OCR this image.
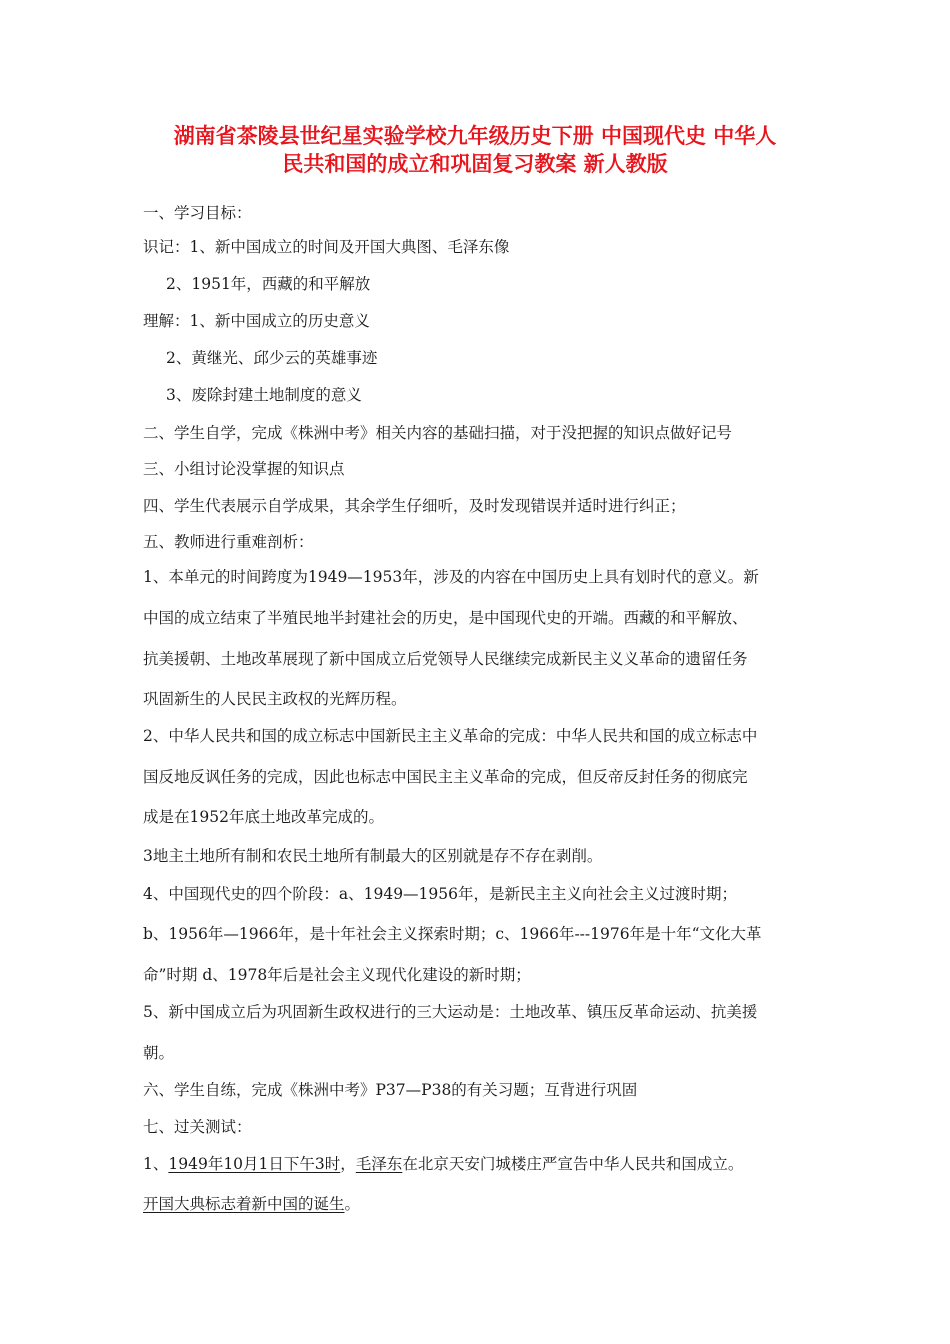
湖南省茶陵县世纪星实验学校九年级历史下册 中国现代史 中华人
民共和国的成立和巩固复习教案 新人教版
一、学习目标：
识记：1、新中国成立的时间及开国大典图、毛泽东像
2、1951年，西藏的和平解放
理解：1、新中国成立的历史意义
2、黄继光、邱少云的英雄事迹
3、废除封建土地制度的意义
二、学生自学，完成《株洲中考》相关内容的基础扫描，对于没把握的知识点做好记号
三、小组讨论没掌握的知识点
四、学生代表展示自学成果，其余学生仔细听，及时发现错误并适时进行纠正；
五、教师进行重难剖析：
1、本单元的时间跨度为1949—1953年，涉及的内容在中国历史上具有划时代的意义。新
中国的成立结束了半殖民地半封建社会的历史，是中国现代史的开端。西藏的和平解放、
抗美援朝、土地改革展现了新中国成立后党领导人民继续完成新民主义义革命的遗留任务
巩固新生的人民民主政权的光辉历程。
2、中华人民共和国的成立标志中国新民主主义革命的完成：中华人民共和国的成立标志中
国反地反讽任务的完成，因此也标志中国民主主义革命的完成，但反帝反封任务的彻底完
成是在1952年底土地改革完成的。
3地主土地所有制和农民土地所有制最大的区别就是存不存在剥削。
4、中国现代史的四个阶段：a、1949—1956年，是新民主主义向社会主义过渡时期；
b、1956年—1966年，是十年社会主义探索时期；c、1966年---1976年是十年“文化大革
命”时期 d、1978年后是社会主义现代化建设的新时期；
5、新中国成立后为巩固新生政权进行的三大运动是：土地改革、镇压反革命运动、抗美援
朝。
六、学生自练，完成《株洲中考》P37—P38的有关习题；互背进行巩固
七、过关测试：
1、1949年10月1日下午3时，毛泽东在北京天安门城楼庄严宣告中华人民共和国成立。
开国大典标志着新中国的诞生。
